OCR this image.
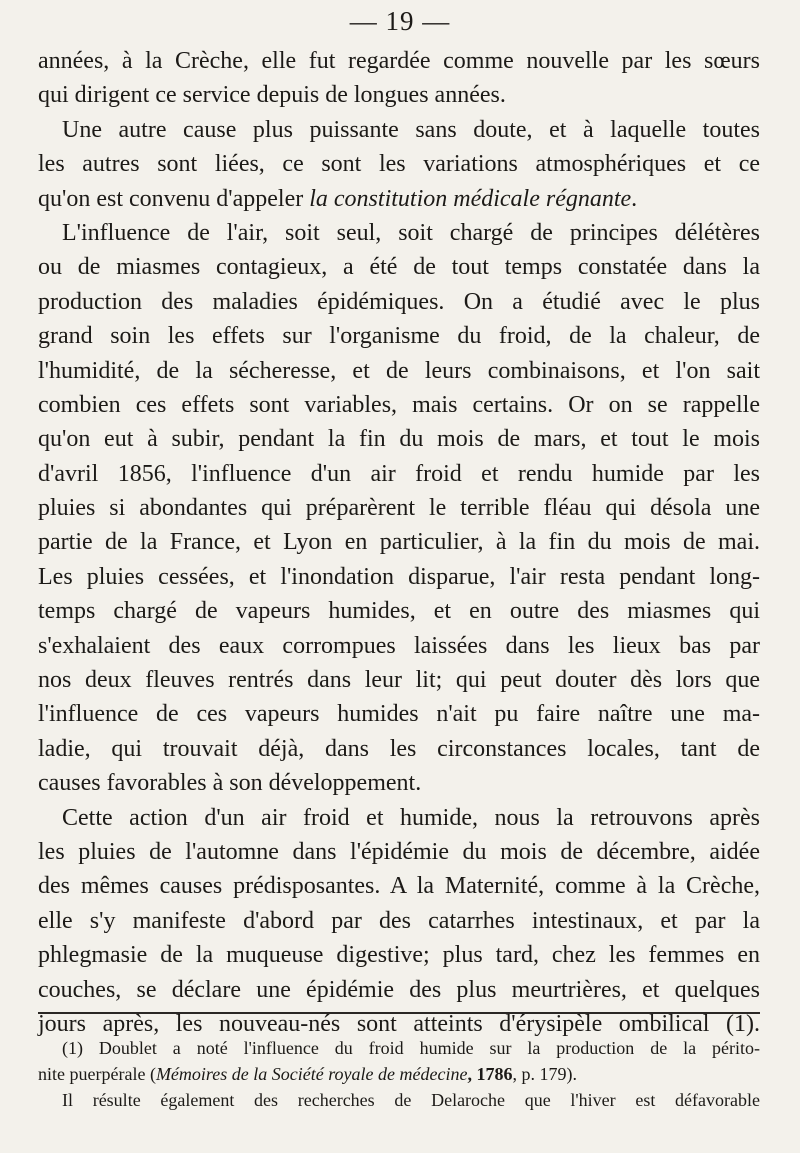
— 19 —
années, à la Crèche, elle fut regardée comme nouvelle par les sœurs
qui dirigent ce service depuis de longues années.
Une autre cause plus puissante sans doute, et à laquelle toutes
les autres sont liées, ce sont les variations atmosphériques et ce
qu'on est convenu d'appeler la constitution médicale régnante.
L'influence de l'air, soit seul, soit chargé de principes délétères
ou de miasmes contagieux, a été de tout temps constatée dans la
production des maladies épidémiques. On a étudié avec le plus
grand soin les effets sur l'organisme du froid, de la chaleur, de
l'humidité, de la sécheresse, et de leurs combinaisons, et l'on sait
combien ces effets sont variables, mais certains. Or on se rappelle
qu'on eut à subir, pendant la fin du mois de mars, et tout le mois
d'avril 1856, l'influence d'un air froid et rendu humide par les
pluies si abondantes qui préparèrent le terrible fléau qui désola une
partie de la France, et Lyon en particulier, à la fin du mois de mai.
Les pluies cessées, et l'inondation disparue, l'air resta pendant long-
temps chargé de vapeurs humides, et en outre des miasmes qui
s'exhalaient des eaux corrompues laissées dans les lieux bas par
nos deux fleuves rentrés dans leur lit; qui peut douter dès lors que
l'influence de ces vapeurs humides n'ait pu faire naître une ma-
ladie, qui trouvait déjà, dans les circonstances locales, tant de
causes favorables à son développement.
Cette action d'un air froid et humide, nous la retrouvons après
les pluies de l'automne dans l'épidémie du mois de décembre, aidée
des mêmes causes prédisposantes. A la Maternité, comme à la Crèche,
elle s'y manifeste d'abord par des catarrhes intestinaux, et par la
phlegmasie de la muqueuse digestive; plus tard, chez les femmes en
couches, se déclare une épidémie des plus meurtrières, et quelques
jours après, les nouveau-nés sont atteints d'érysipèle ombilical (1).
(1) Doublet a noté l'influence du froid humide sur la production de la périto-
nite puerpérale (Mémoires de la Société royale de médecine, 1786, p. 179).
Il résulte également des recherches de Delaroche que l'hiver est défavorable
